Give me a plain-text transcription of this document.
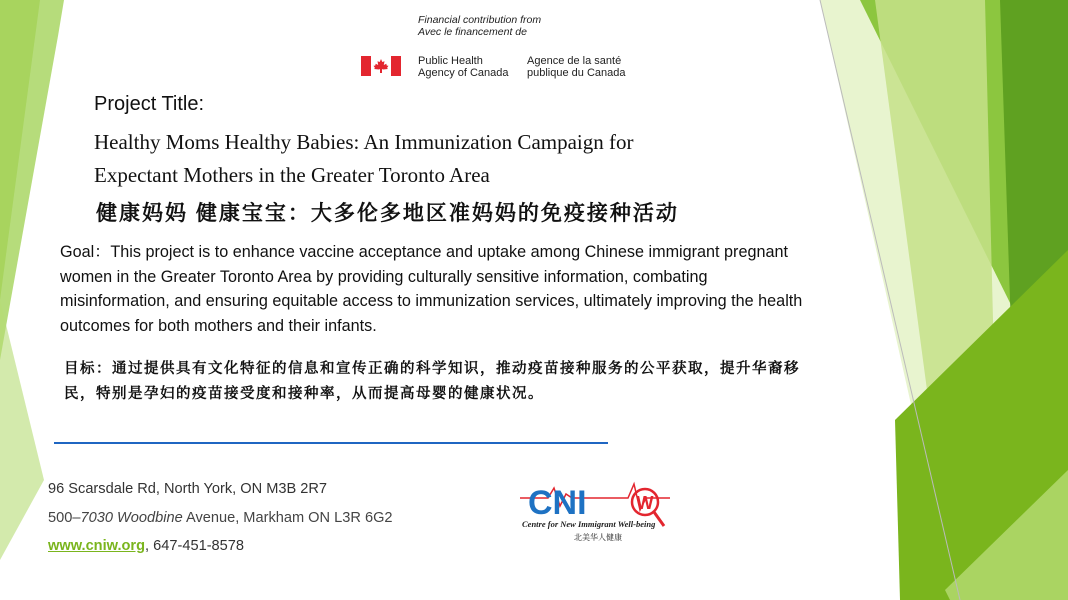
Financial contribution from
Avec le financement de
Public Health
Agency of Canada
Agence de la santé
publique du Canada
Project Title:
Healthy Moms Healthy Babies: An Immunization Campaign for
Expectant Mothers in the Greater Toronto Area
健康妈妈 健康宝宝：大多伦多地区准妈妈的免疫接种活动
Goal：This project is to enhance vaccine acceptance and uptake among Chinese immigrant pregnant women in the Greater Toronto Area by providing culturally sensitive information, combating misinformation, and ensuring equitable access to immunization services, ultimately improving the health outcomes for both mothers and their infants.
目标：通过提供具有文化特征的信息和宣传正确的科学知识，推动疫苗接种服务的公平获取，提升华裔移民，特别是孕妇的疫苗接受度和接种率，从而提高母婴的健康状况。
96 Scarsdale Rd, North York, ON M3B 2R7
500–7030 Woodbine Avenue, Markham ON L3R 6G2
www.cniw.org, 647-451-8578
CNI	W
Centre for New Immigrant Well-being
北美华人健康
